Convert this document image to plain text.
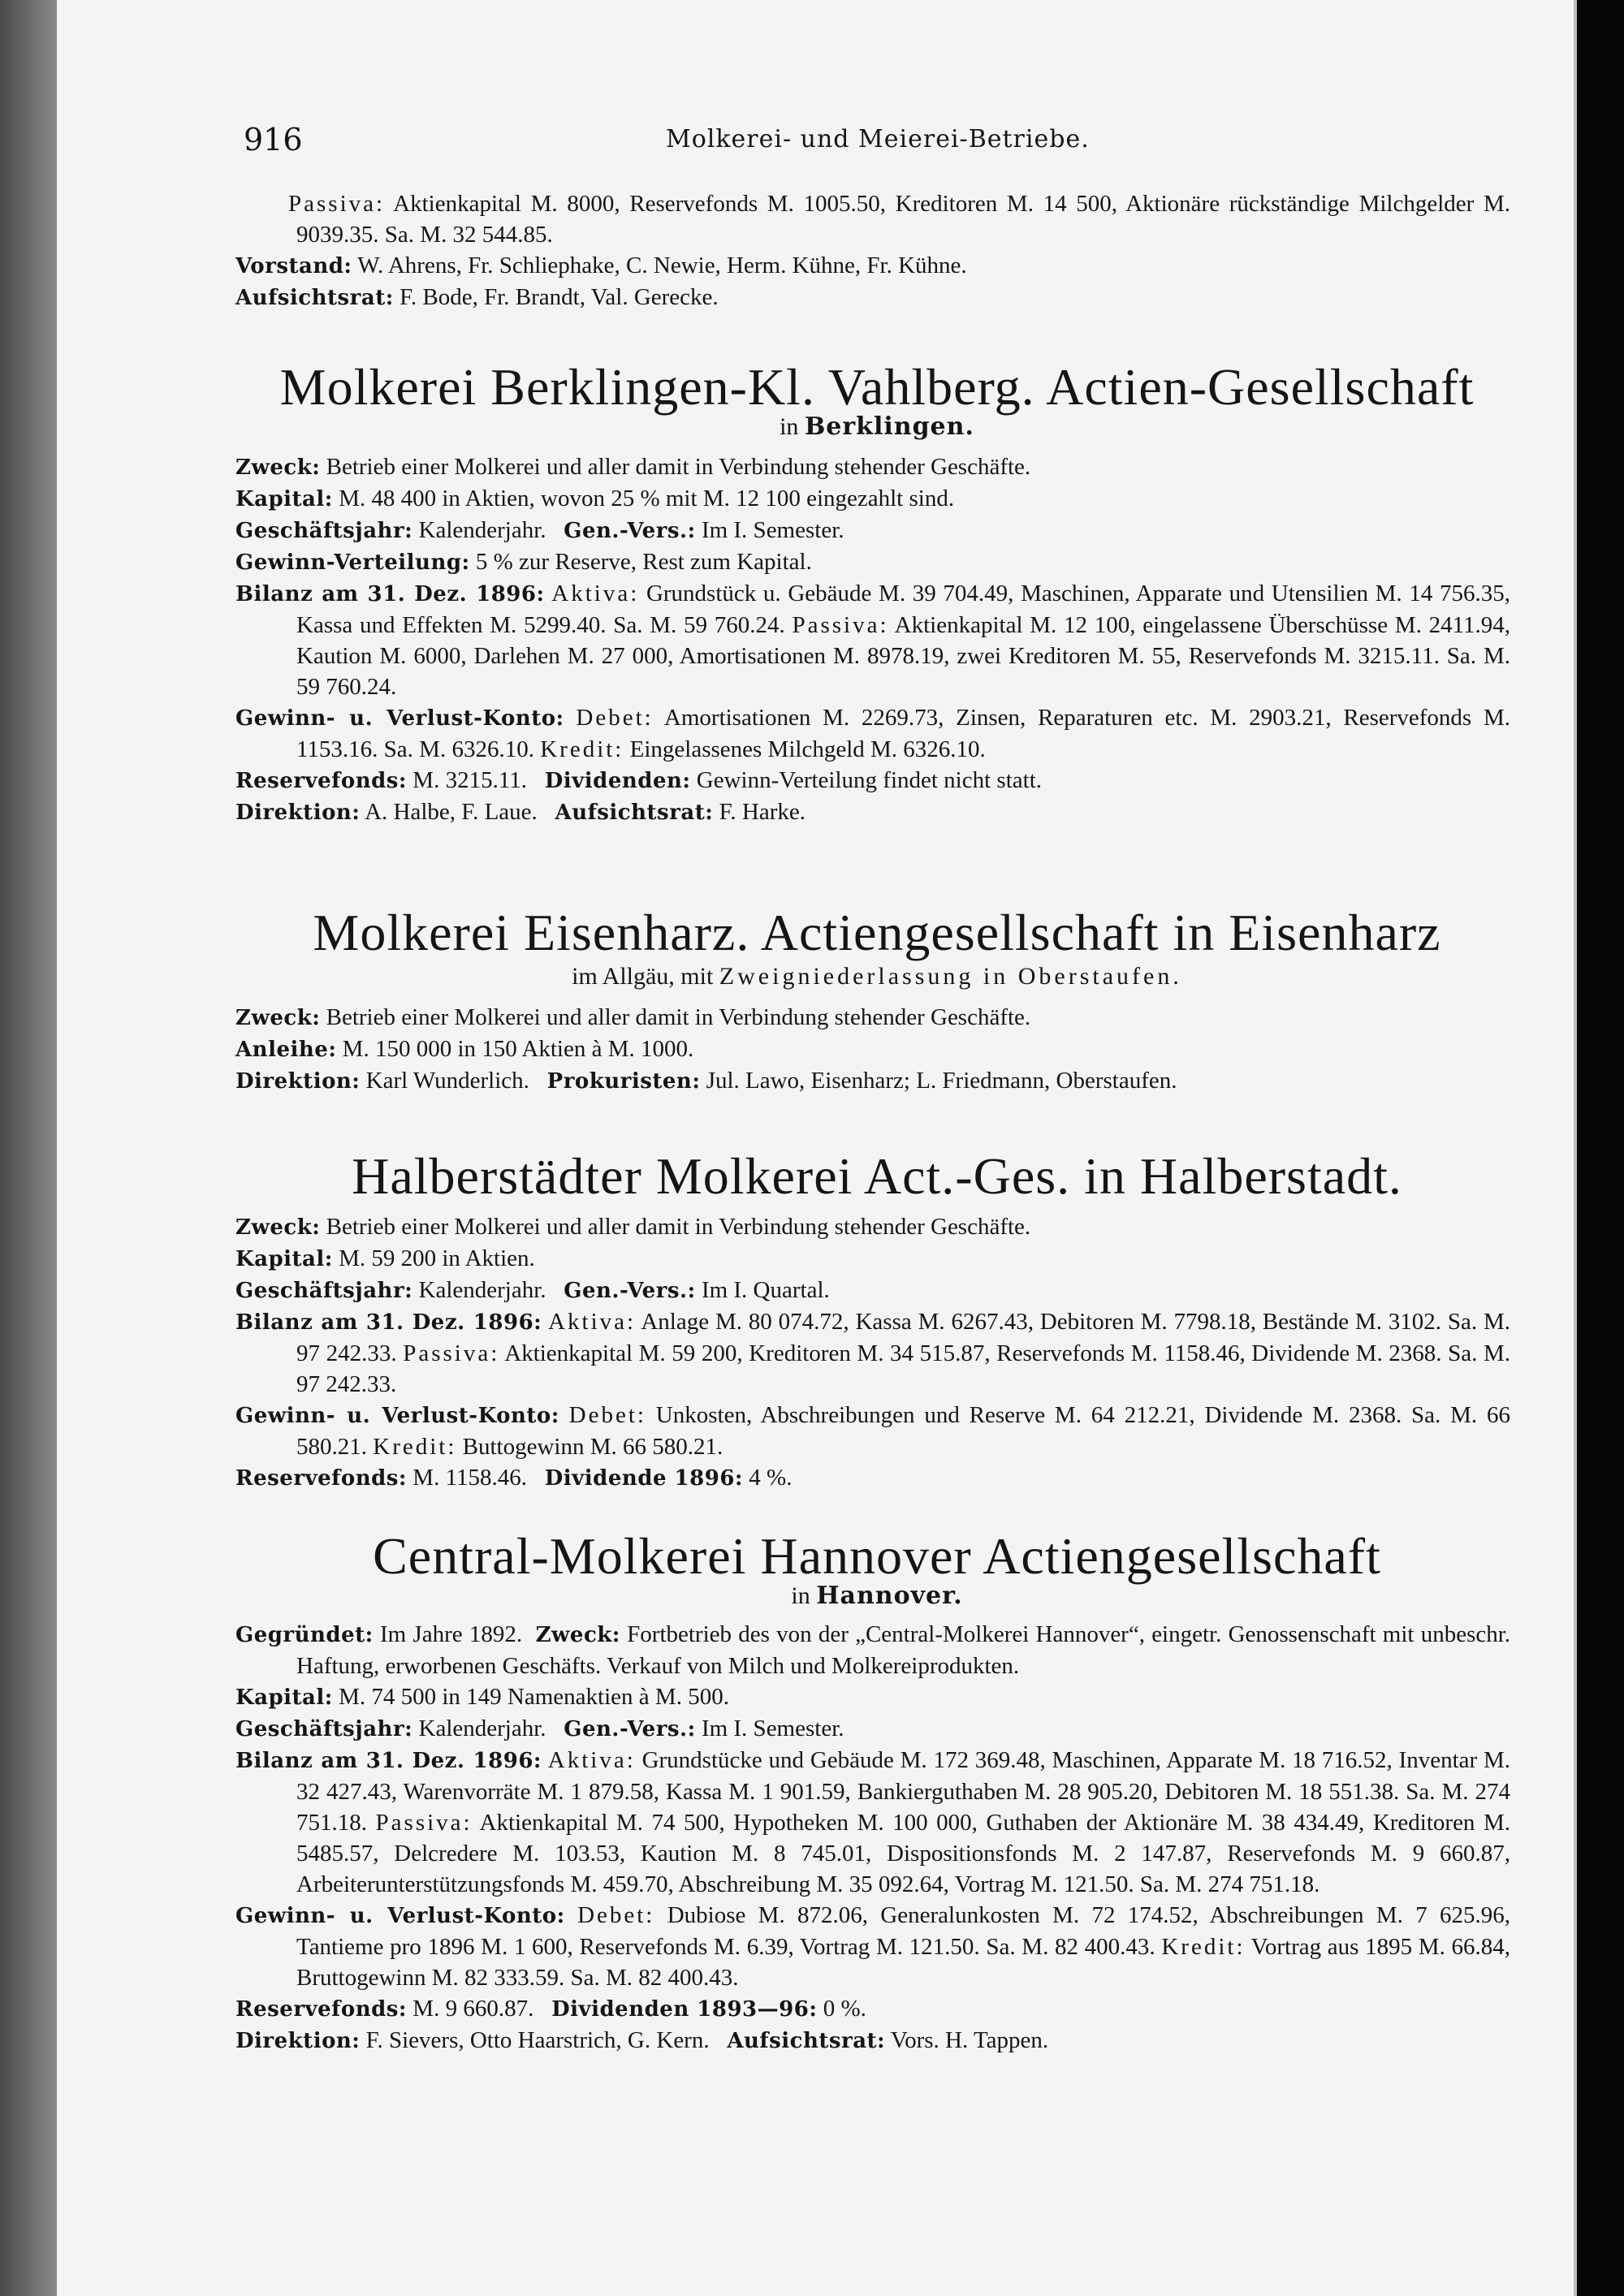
916	Molkerei- und Meierei-Betriebe.

Passiva: Aktienkapital M. 8000, Reservefonds M. 1005.50, Kreditoren M. 14 500, Aktionäre rückständige Milchgelder M. 9039.35. Sa. M. 32 544.85.

Vorstand: W. Ahrens, Fr. Schliephake, C. Newie, Herm. Kühne, Fr. Kühne.

Aufsichtsrat: F. Bode, Fr. Brandt, Val. Gerecke.

Molkerei Berklingen-Kl. Vahlberg. Actien-Gesellschaft
in Berklingen.

Zweck: Betrieb einer Molkerei und aller damit in Verbindung stehender Geschäfte.

Kapital: M. 48 400 in Aktien, wovon 25 % mit M. 12 100 eingezahlt sind.

Geschäftsjahr: Kalenderjahr. Gen.-Vers.: Im I. Semester.

Gewinn-Verteilung: 5 % zur Reserve, Rest zum Kapital.

Bilanz am 31. Dez. 1896: Aktiva: Grundstück u. Gebäude M. 39 704.49, Maschinen, Apparate und Utensilien M. 14 756.35, Kassa und Effekten M. 5299.40. Sa. M. 59 760.24. Passiva: Aktienkapital M. 12 100, eingelassene Überschüsse M. 2411.94, Kaution M. 6000, Darlehen M. 27 000, Amortisationen M. 8978.19, zwei Kreditoren M. 55, Reservefonds M. 3215.11. Sa. M. 59 760.24.

Gewinn- u. Verlust-Konto: Debet: Amortisationen M. 2269.73, Zinsen, Reparaturen etc. M. 2903.21, Reservefonds M. 1153.16. Sa. M. 6326.10. Kredit: Eingelassenes Milchgeld M. 6326.10.

Reservefonds: M. 3215.11. Dividenden: Gewinn-Verteilung findet nicht statt.

Direktion: A. Halbe, F. Laue. Aufsichtsrat: F. Harke.

Molkerei Eisenharz. Actiengesellschaft in Eisenharz
im Allgäu, mit Zweigniederlassung in Oberstaufen.

Zweck: Betrieb einer Molkerei und aller damit in Verbindung stehender Geschäfte.

Anleihe: M. 150 000 in 150 Aktien à M. 1000.

Direktion: Karl Wunderlich. Prokuristen: Jul. Lawo, Eisenharz; L. Friedmann, Oberstaufen.

Halberstädter Molkerei Act.-Ges. in Halberstadt.

Zweck: Betrieb einer Molkerei und aller damit in Verbindung stehender Geschäfte.

Kapital: M. 59 200 in Aktien.

Geschäftsjahr: Kalenderjahr. Gen.-Vers.: Im I. Quartal.

Bilanz am 31. Dez. 1896: Aktiva: Anlage M. 80 074.72, Kassa M. 6267.43, Debitoren M. 7798.18, Bestände M. 3102. Sa. M. 97 242.33. Passiva: Aktienkapital M. 59 200, Kreditoren M. 34 515.87, Reservefonds M. 1158.46, Dividende M. 2368. Sa. M. 97 242.33.

Gewinn- u. Verlust-Konto: Debet: Unkosten, Abschreibungen und Reserve M. 64 212.21, Dividende M. 2368. Sa. M. 66 580.21. Kredit: Buttogewinn M. 66 580.21.

Reservefonds: M. 1158.46. Dividende 1896: 4 %.

Central-Molkerei Hannover Actiengesellschaft
in Hannover.

Gegründet: Im Jahre 1892. Zweck: Fortbetrieb des von der „Central-Molkerei Hannover“, eingetr. Genossenschaft mit unbeschr. Haftung, erworbenen Geschäfts. Verkauf von Milch und Molkereiprodukten.

Kapital: M. 74 500 in 149 Namenaktien à M. 500.

Geschäftsjahr: Kalenderjahr. Gen.-Vers.: Im I. Semester.

Bilanz am 31. Dez. 1896: Aktiva: Grundstücke und Gebäude M. 172 369.48, Maschinen, Apparate M. 18 716.52, Inventar M. 32 427.43, Warenvorräte M. 1 879.58, Kassa M. 1 901.59, Bankierguthaben M. 28 905.20, Debitoren M. 18 551.38. Sa. M. 274 751.18. Passiva: Aktienkapital M. 74 500, Hypotheken M. 100 000, Guthaben der Aktionäre M. 38 434.49, Kreditoren M. 5485.57, Delcredere M. 103.53, Kaution M. 8 745.01, Dispositionsfonds M. 2 147.87, Reservefonds M. 9 660.87, Arbeiterunterstützungsfonds M. 459.70, Abschreibung M. 35 092.64, Vortrag M. 121.50. Sa. M. 274 751.18.

Gewinn- u. Verlust-Konto: Debet: Dubiose M. 872.06, Generalunkosten M. 72 174.52, Abschreibungen M. 7 625.96, Tantieme pro 1896 M. 1 600, Reservefonds M. 6.39, Vortrag M. 121.50. Sa. M. 82 400.43. Kredit: Vortrag aus 1895 M. 66.84, Bruttogewinn M. 82 333.59. Sa. M. 82 400.43.

Reservefonds: M. 9 660.87. Dividenden 1893—96: 0 %.

Direktion: F. Sievers, Otto Haarstrich, G. Kern. Aufsichtsrat: Vors. H. Tappen.
